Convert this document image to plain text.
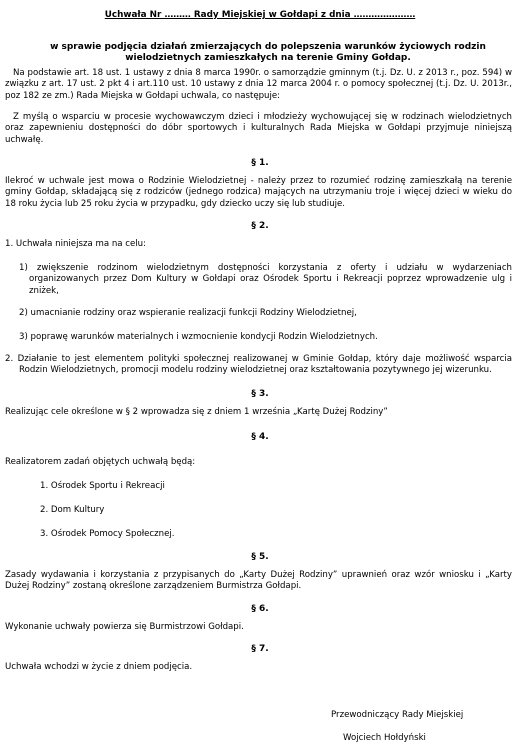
Uchwała Nr ……… Rady Miejskiej w Gołdapi z dnia …………………
w sprawie podjęcia działań zmierzających do polepszenia warunków życiowych rodzin wielodzietnych zamieszkałych na terenie Gminy Gołdap.
Na podstawie art. 18 ust. 1 ustawy z dnia 8 marca 1990r. o samorządzie gminnym (t.j. Dz. U. z 2013 r., poz. 594) w związku z art. 17 ust. 2 pkt 4 i art.110 ust. 10 ustawy z dnia 12 marca 2004 r. o pomocy społecznej (t.j. Dz. U. 2013r., poz 182 ze zm.) Rada Miejska w Gołdapi uchwala, co następuje:
Z myślą o wsparciu w procesie wychowawczym dzieci i młodzieży wychowującej się w rodzinach wielodzietnych oraz zapewnieniu dostępności do dóbr sportowych i kulturalnych Rada Miejska w Gołdapi przyjmuje niniejszą uchwałę.
§ 1.
Ilekroć w uchwale jest mowa o Rodzinie Wielodzietnej - należy przez to rozumieć rodzinę zamieszkałą na terenie gminy Gołdap, składającą się z rodziców (jednego rodzica) mających na utrzymaniu troje i więcej dzieci w wieku do 18 roku życia lub 25 roku życia w przypadku, gdy dziecko uczy się lub studiuje.
§ 2.
1. Uchwała niniejsza ma na celu:
1) zwiększenie rodzinom wielodzietnym dostępności korzystania z oferty i udziału w wydarzeniach organizowanych przez Dom Kultury w Gołdapi oraz Ośrodek Sportu i Rekreacji poprzez wprowadzenie ulg i zniżek,
2) umacnianie rodziny oraz wspieranie realizacji funkcji Rodziny Wielodzietnej,
3) poprawę warunków materialnych i wzmocnienie kondycji Rodzin Wielodzietnych.
2. Działanie to jest elementem polityki społecznej realizowanej w Gminie Gołdap, który daje możliwość wsparcia Rodzin Wielodzietnych, promocji modelu rodziny wielodzietnej oraz kształtowania pozytywnego jej wizerunku.
§ 3.
Realizując cele określone w § 2 wprowadza się z dniem 1 września „Kartę Dużej Rodziny”
§ 4.
Realizatorem zadań objętych uchwałą będą:
1. Ośrodek Sportu i Rekreacji
2. Dom Kultury
3. Ośrodek Pomocy Społecznej.
§ 5.
Zasady wydawania i korzystania z przypisanych do „Karty Dużej Rodziny” uprawnień oraz wzór wniosku i „Karty Dużej Rodziny” zostaną określone zarządzeniem Burmistrza Gołdapi.
§ 6.
Wykonanie uchwały powierza się Burmistrzowi Gołdapi.
§ 7.
Uchwała wchodzi w życie z dniem podjęcia.
Przewodniczący Rady Miejskiej
Wojciech Hołdyński
